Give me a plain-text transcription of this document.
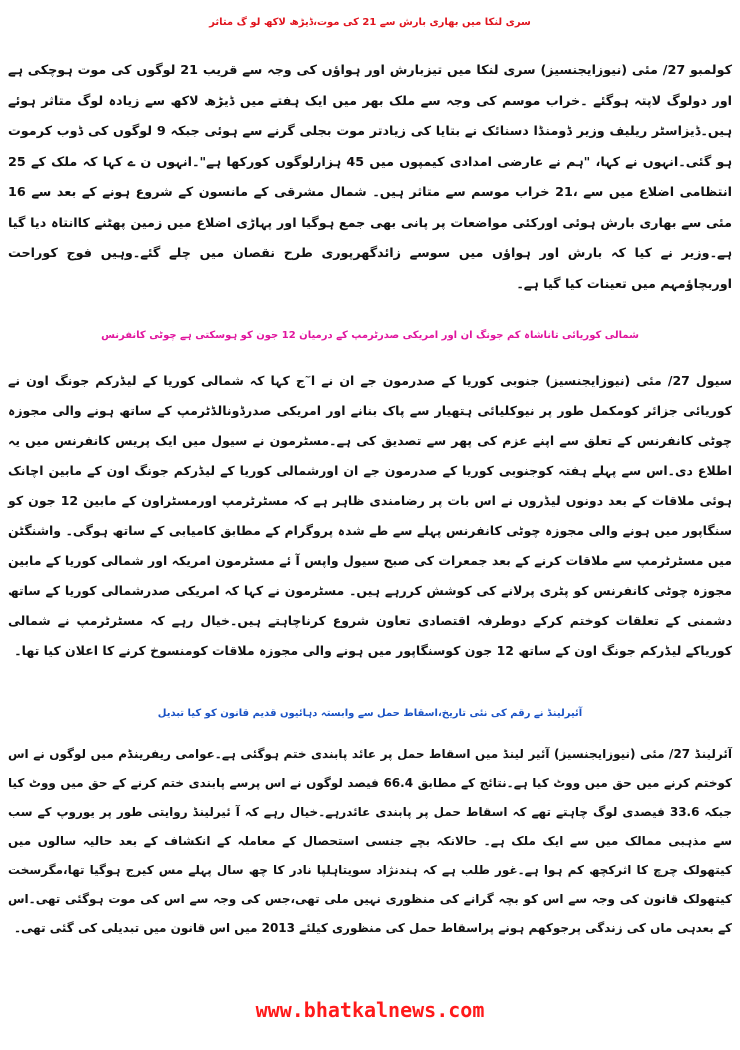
سری لنکا میں بھاری بارش سے 21 کی موت،ڈیڑھ لاکھ لو گ متاثر

کولمبو 27/ مئی (نیوزایجنسیز) سری لنکا میں تیزبارش اور ہواؤں کی وجہ سے قریب 21 لوگوں کی موت ہوچکی ہے اور دولوگ لاپتہ ہوگئے ۔خراب موسم کی وجہ سے ملک بھر میں ایک ہفتے میں ڈیڑھ لاکھ سے زیادہ لوگ متاثر ہوئے ہیں۔ڈیزاسٹر ریلیف وزیر ڈومنڈا دسنائک نے بتایا کی زیادتر موت بجلی گرنے سے ہوئی جبکہ 9 لوگوں کی ڈوب کرموت ہو گئی۔انہوں نے کہا، "ہم نے عارضی امدادی کیمپوں میں 45 ہزارلوگوں کورکھا ہے"۔انہوں ن ے کہا کہ ملک کے 25 انتظامی اضلاع میں سے ،21 خراب موسم سے متاثر ہیں۔ شمال مشرقی کے مانسون کے شروع ہونے کے بعد سے 16 مئی سے بھاری بارش ہوئی اورکئی مواضعات پر پانی بھی جمع ہوگیا اور پہاڑی اضلاع میں زمین پھٹنے کاانتاہ دیا گیا ہے۔وزیر نے کیا کہ بارش اور ہواؤں میں سوسے زائدگھرپوری طرح نقصان میں چلے گئے۔وہیں فوج کوراحت اوربچاؤمہم میں تعینات کیا گیا ہے۔

شمالی کوریائی تاناشاہ کم جونگ ان اور امریکی صدرٹرمپ کے درمیان 12 جون کو ہوسکتی ہے چوٹی کانفرنس

سیول 27/ مئی (نیوزایجنسیز) جنوبی کوریا کے صدرمون جے ان نے ا ٓج کہا کہ شمالی کوریا کے لیڈرکم جونگ اون نے کوریائی جزائر کومکمل طور پر نیوکلیائی ہتھیار سے پاک بنانے اور امریکی صدرڈونالڈٹرمپ کے ساتھ ہونے والی مجوزہ چوٹی کانفرنس کے تعلق سے اپنے عزم کی پھر سے تصدیق کی ہے۔مسٹرمون نے سیول میں ایک پریس کانفرنس میں یہ اطلاع دی۔اس سے پہلے ہفتہ کوجنوبی کوریا کے صدرمون جے ان اورشمالی کوریا کے لیڈرکم جونگ اون کے مابین اچانک ہوئی ملاقات کے بعد دونوں لیڈروں نے اس بات پر رضامندی ظاہر ہے کہ مسٹرٹرمپ اورمسٹراون کے مابین 12 جون کو سنگاپور میں ہونے والی مجوزہ چوٹی کانفرنس پہلے سے طے شدہ پروگرام کے مطابق کامیابی کے ساتھ ہوگی۔ واشنگٹن میں مسٹرٹرمپ سے ملاقات کرنے کے بعد جمعرات کی صبح سیول واپس آ ئے مسٹرمون امریکہ اور شمالی کوریا کے مابین مجوزہ چوٹی کانفرنس کو پٹری پرلانے کی کوشش کررہے ہیں۔ مسٹرمون نے کہا کہ امریکی صدرشمالی کوریا کے ساتھ دشمنی کے تعلقات کوختم کرکے دوطرفہ اقتصادی تعاون شروع کرناچاہتے ہیں۔خیال رہے کہ مسٹرٹرمپ نے شمالی کوریاکے لیڈرکم جونگ اون کے ساتھ 12 جون کوسنگاپور میں ہونے والی مجوزہ ملاقات کومنسوخ کرنے کا اعلان کیا تھا۔

آئیرلینڈ نے رقم کی نئی تاریخ،اسقاط حمل سے وابستہ دہائیوں قدیم قانون کو کیا تبدیل

آئرلینڈ 27/ مئی (نیوزایجنسیز) آئیر لینڈ میں اسقاط حمل پر عائد پابندی ختم ہوگئی ہے۔عوامی ریفرینڈم میں لوگوں نے اس کوختم کرنے میں حق میں ووٹ کیا ہے۔نتائج کے مطابق 66.4 فیصد لوگوں نے اس پرسے پابندی ختم کرنے کے حق میں ووٹ کیا جبکہ 33.6 فیصدی لوگ چاہتے تھے کہ اسقاط حمل پر پابندی عائدرہے۔خیال رہے کہ آ ئیرلینڈ روایتی طور پر یوروپ کے سب سے مذہبی ممالک میں سے ایک ملک ہے۔ حالانکہ بچے جنسی استحصال کے معاملہ کے انکشاف کے بعد حالیہ سالوں میں کیتھولک چرچ کا اثرکچھ کم ہوا ہے۔غور طلب ہے کہ ہندنژاد سویتاہلپا نادر کا چھ سال پہلے مس کیرج ہوگیا تھا،مگرسخت کیتھولک قانون کی وجہ سے اس کو بچہ گرانے کی منظوری نہیں ملی تھی،جس کی وجہ سے اس کی موت ہوگئی تھی۔اس کے بعدہی ماں کی زندگی پرجوکھم ہونے پراسقاط حمل کی منظوری کیلئے 2013 میں اس قانون میں تبدیلی کی گئی تھی۔

www.bhatkalnews.com
